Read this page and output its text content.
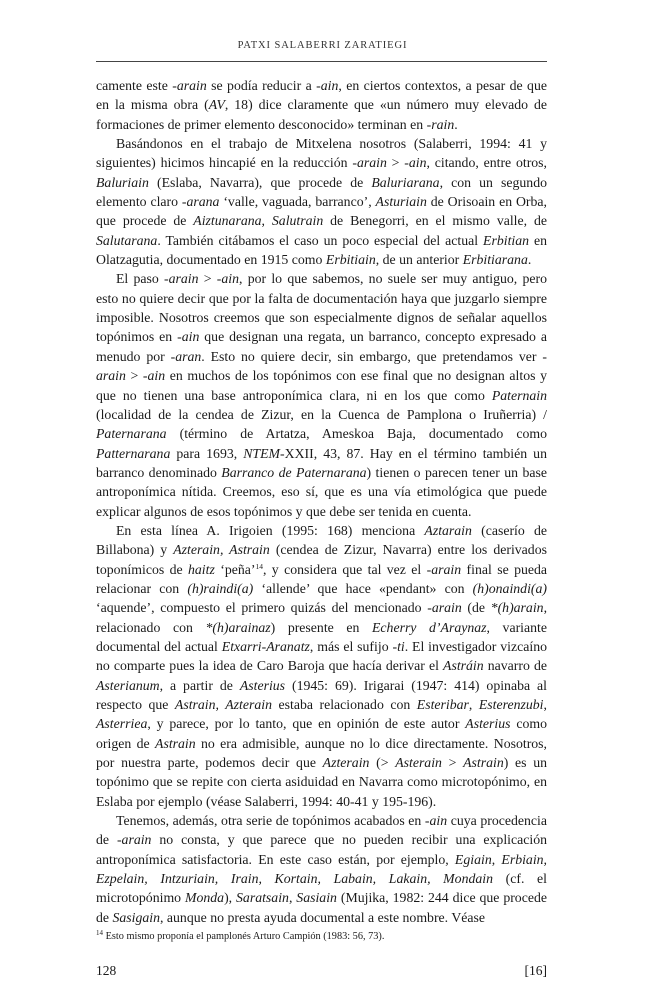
PATXI SALABERRI ZARATIEGI

camente este -arain se podía reducir a -ain, en ciertos contextos, a pesar de que en la misma obra (AV, 18) dice claramente que «un número muy elevado de formaciones de primer elemento desconocido» terminan en -rain.

Basándonos en el trabajo de Mitxelena nosotros (Salaberri, 1994: 41 y siguientes) hicimos hincapié en la reducción -arain > -ain, citando, entre otros, Baluriain (Eslaba, Navarra), que procede de Baluriarana, con un segundo elemento claro -arana ‘valle, vaguada, barranco’, Asturiain de Orisoain en Orba, que procede de Aiztunarana, Salutrain de Benegorri, en el mismo valle, de Salutarana. También citábamos el caso un poco especial del actual Erbitian en Olatzagutia, documentado en 1915 como Erbitiain, de un anterior Erbitiarana.

El paso -arain > -ain, por lo que sabemos, no suele ser muy antiguo, pero esto no quiere decir que por la falta de documentación haya que juzgarlo siempre imposible. Nosotros creemos que son especialmente dignos de señalar aquellos topónimos en -ain que designan una regata, un barranco, concepto expresado a menudo por -aran. Esto no quiere decir, sin embargo, que pretendamos ver -arain > -ain en muchos de los topónimos con ese final que no designan altos y que no tienen una base antroponímica clara, ni en los que como Paternain (localidad de la cendea de Zizur, en la Cuenca de Pamplona o Iruñerria) / Paternarana (término de Artatza, Ameskoa Baja, documentado como Patternarana para 1693, NTEM-XXII, 43, 87. Hay en el término también un barranco denominado Barranco de Paternarana) tienen o parecen tener un base antroponímica nítida. Creemos, eso sí, que es una vía etimológica que puede explicar algunos de esos topónimos y que debe ser tenida en cuenta.

En esta línea A. Irigoien (1995: 168) menciona Aztarain (caserío de Billabona) y Azterain, Astrain (cendea de Zizur, Navarra) entre los derivados toponímicos de haitz ‘peña’$^{14}$, y considera que tal vez el -arain final se pueda relacionar con (h)raindi(a) ‘allende’ que hace «pendant» con (h)onaindi(a) ‘aquende’, compuesto el primero quizás del mencionado -arain (de *(h)arain, relacionado con *(h)arainaz) presente en Echerry d’Araynaz, variante documental del actual Etxarri-Aranatz, más el sufijo -ti. El investigador vizcaíno no comparte pues la idea de Caro Baroja que hacía derivar el Astráin navarro de Asterianum, a partir de Asterius (1945: 69). Irigarai (1947: 414) opinaba al respecto que Astrain, Azterain estaba relacionado con Esteribar, Esterenzubi, Asterriea, y parece, por lo tanto, que en opinión de este autor Asterius como origen de Astrain no era admisible, aunque no lo dice directamente. Nosotros, por nuestra parte, podemos decir que Azterain (> Asterain > Astrain) es un topónimo que se repite con cierta asiduidad en Navarra como microtopónimo, en Eslaba por ejemplo (véase Salaberri, 1994: 40-41 y 195-196).

Tenemos, además, otra serie de topónimos acabados en -ain cuya procedencia de -arain no consta, y que parece que no pueden recibir una explicación antroponímica satisfactoria. En este caso están, por ejemplo, Egiain, Erbiain, Ezpelain, Intzuriain, Irain, Kortain, Labain, Lakain, Mondain (cf. el microtopónimo Monda), Saratsain, Sasiain (Mujika, 1982: 244 dice que procede de Sasigain, aunque no presta ayuda documental a este nombre. Véase

$^{14}$ Esto mismo proponía el pamplonés Arturo Campión (1983: 56, 73).
128	[16]
